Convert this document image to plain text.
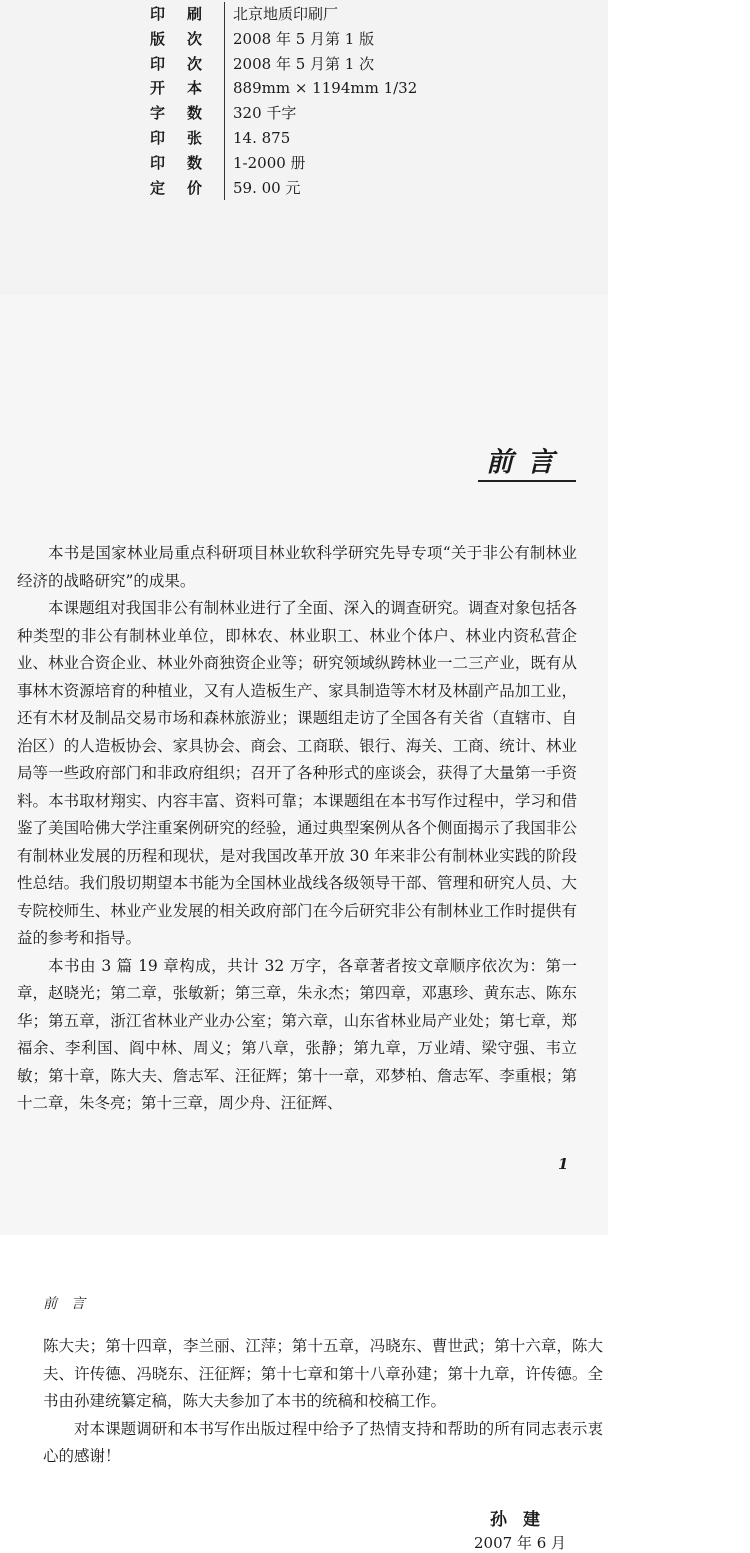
印 刷	北京地质印刷厂
版 次	2008 年 5 月第 1 版
印 次	2008 年 5 月第 1 次
开 本	889mm × 1194mm 1/32
字 数	320 千字
印 张	14. 875
印 数	1-2000 册
定 价	59. 00 元
前言

本书是国家林业局重点科研项目林业软科学研究先导专项“关于非公有制林业经济的战略研究”的成果。

本课题组对我国非公有制林业进行了全面、深入的调查研究。调查对象包括各种类型的非公有制林业单位，即林农、林业职工、林业个体户、林业内资私营企业、林业合资企业、林业外商独资企业等；研究领域纵跨林业一二三产业，既有从事林木资源培育的种植业，又有人造板生产、家具制造等木材及林副产品加工业，还有木材及制品交易市场和森林旅游业；课题组走访了全国各有关省（直辖市、自治区）的人造板协会、家具协会、商会、工商联、银行、海关、工商、统计、林业局等一些政府部门和非政府组织；召开了各种形式的座谈会，获得了大量第一手资料。本书取材翔实、内容丰富、资料可靠；本课题组在本书写作过程中，学习和借鉴了美国哈佛大学注重案例研究的经验，通过典型案例从各个侧面揭示了我国非公有制林业发展的历程和现状，是对我国改革开放 30 年来非公有制林业实践的阶段性总结。我们殷切期望本书能为全国林业战线各级领导干部、管理和研究人员、大专院校师生、林业产业发展的相关政府部门在今后研究非公有制林业工作时提供有益的参考和指导。

本书由 3 篇 19 章构成，共计 32 万字，各章著者按文章顺序依次为：第一章，赵晓光；第二章，张敏新；第三章，朱永杰；第四章，邓惠珍、黄东志、陈东华；第五章，浙江省林业产业办公室；第六章，山东省林业局产业处；第七章，郑福余、李利国、阎中林、周义；第八章，张静；第九章，万业靖、梁守强、韦立敏；第十章，陈大夫、詹志军、汪征辉；第十一章，邓梦柏、詹志军、李重根；第十二章，朱冬亮；第十三章，周少舟、汪征辉、

1
前言

陈大夫；第十四章，李兰丽、江萍；第十五章，冯晓东、曹世武；第十六章，陈大夫、许传德、冯晓东、汪征辉；第十七章和第十八章孙建；第十九章，许传德。全书由孙建统纂定稿，陈大夫参加了本书的统稿和校稿工作。

对本课题调研和本书写作出版过程中给予了热情支持和帮助的所有同志表示衷心的感谢！

孙建
2007 年 6 月
